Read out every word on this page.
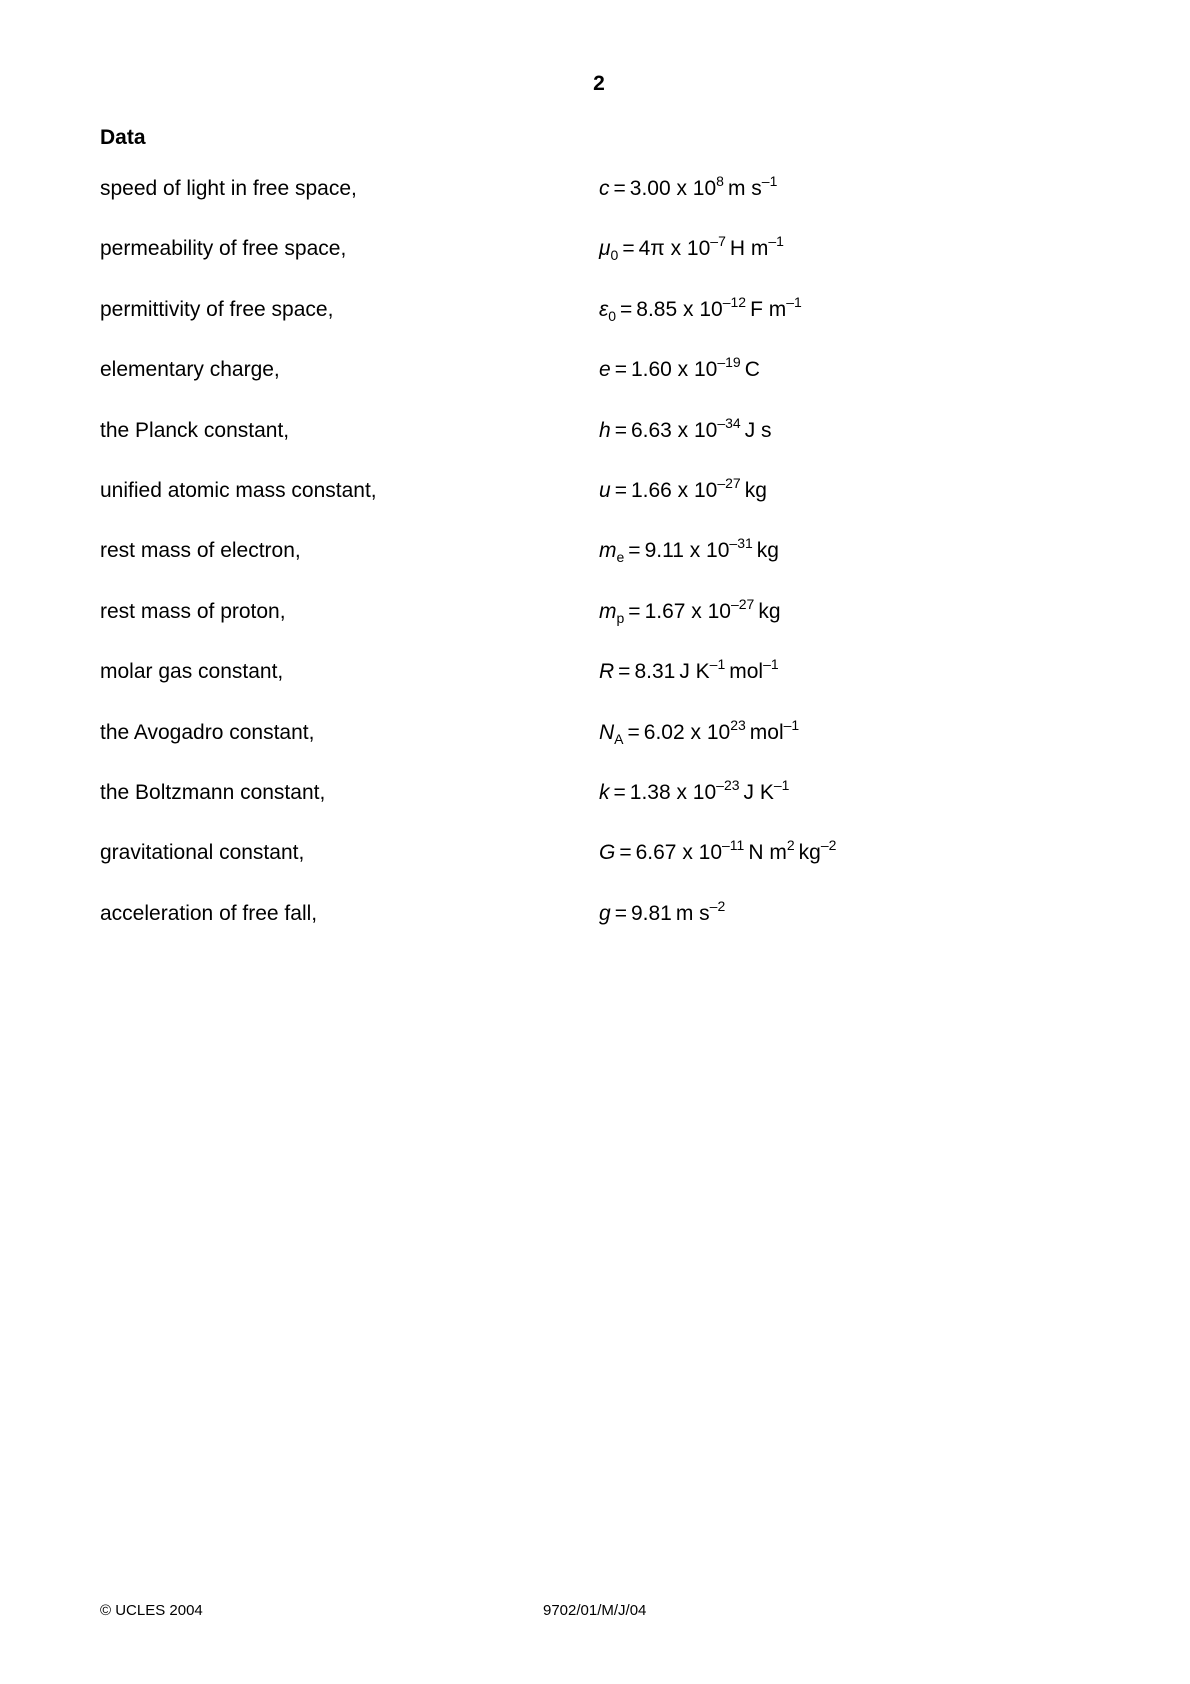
2
Data
speed of light in free space,	c = 3.00 x $10^8$ m $s^{-1}$
permeability of free space,	$\mu_0 = 4\pi$ x $10^{-7}$ H $m^{-1}$
permittivity of free space,	$\varepsilon_0 = 8.85$ x $10^{-12}$ F $m^{-1}$
elementary charge,	e = 1.60 x $10^{-19}$ C
the Planck constant,	h = 6.63 x $10^{-34}$ J s
unified atomic mass constant,	u = 1.66 x $10^{-27}$ kg
rest mass of electron,	$m_e = 9.11$ x $10^{-31}$ kg
rest mass of proton,	$m_p = 1.67$ x $10^{-27}$ kg
molar gas constant,	R = 8.31 J $K^{-1}$ mol$^{-1}$
the Avogadro constant,	$N_A = 6.02$ x $10^{23}$ mol$^{-1}$
the Boltzmann constant,	k = 1.38 x $10^{-23}$ J $K^{-1}$
gravitational constant,	G = 6.67 x $10^{-11}$ N $m^2$ $kg^{-2}$
acceleration of free fall,	g = 9.81 m $s^{-2}$
© UCLES 2004	9702/01/M/J/04
